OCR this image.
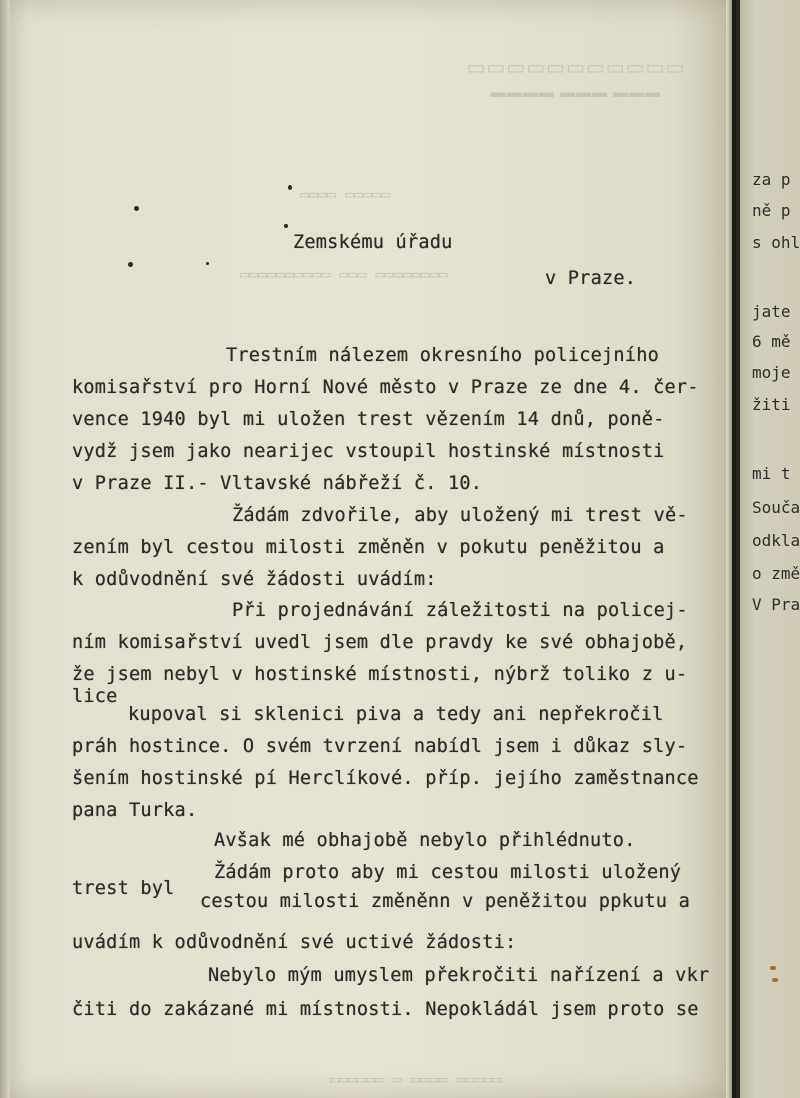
▭▭▭▭▭▭▭▭▭▭▭
▬▬▬ ▬▬▬ ▬▬▬▬
▭▭▭▭▭ ▭▭▭▭
▭▭▭▭▭▭▭▭ ▭▭▭ ▭▭▭▭▭▭▭▭▭▭
▭▭▭▭▭ ▭▭▭▭ ▭ ▭▭▭▭▭▭
Zemskému úřadu
v Praze.
Trestním nálezem okresního policejního
komisařství pro Horní Nové město v Praze ze dne 4. čer-
vence 1940 byl mi uložen trest vězením 14 dnů, poně-
vydž jsem jako nearijec vstoupil hostinské místnosti
v Praze II.- Vltavské nábřeží č. 10.
Žádám zdvořile, aby uložený mi trest vě-
zením byl cestou milosti změněn v pokutu peněžitou a
k odůvodnění své žádosti uvádím:
Při projednávání záležitosti na policej-
ním komisařství uvedl jsem dle pravdy ke své obhajobě,
že jsem nebyl v hostinské místnosti, nýbrž toliko z u-
lice
kupoval si sklenici piva a tedy ani nepřekročil
práh hostince. O svém tvrzení nabídl jsem i důkaz sly-
šením hostinské pí Herclíkové. příp. jejího zaměstnance
pana Turka.
Avšak mé obhajobě nebylo přihlédnuto.
Žádám proto aby mi cestou milosti uložený
trest byl
cestou milosti změněnn v peněžitou ppkutu a
uvádím k odůvodnění své uctivé žádosti:
Nebylo mým umyslem překročiti nařízení a vkr
čiti do zakázané mi místnosti. Nepokládál jsem proto se
za p
ně p
s ohl
jate
6 mě
moje
žiti
mi t
Souča
odkla
o změ
V Pra
